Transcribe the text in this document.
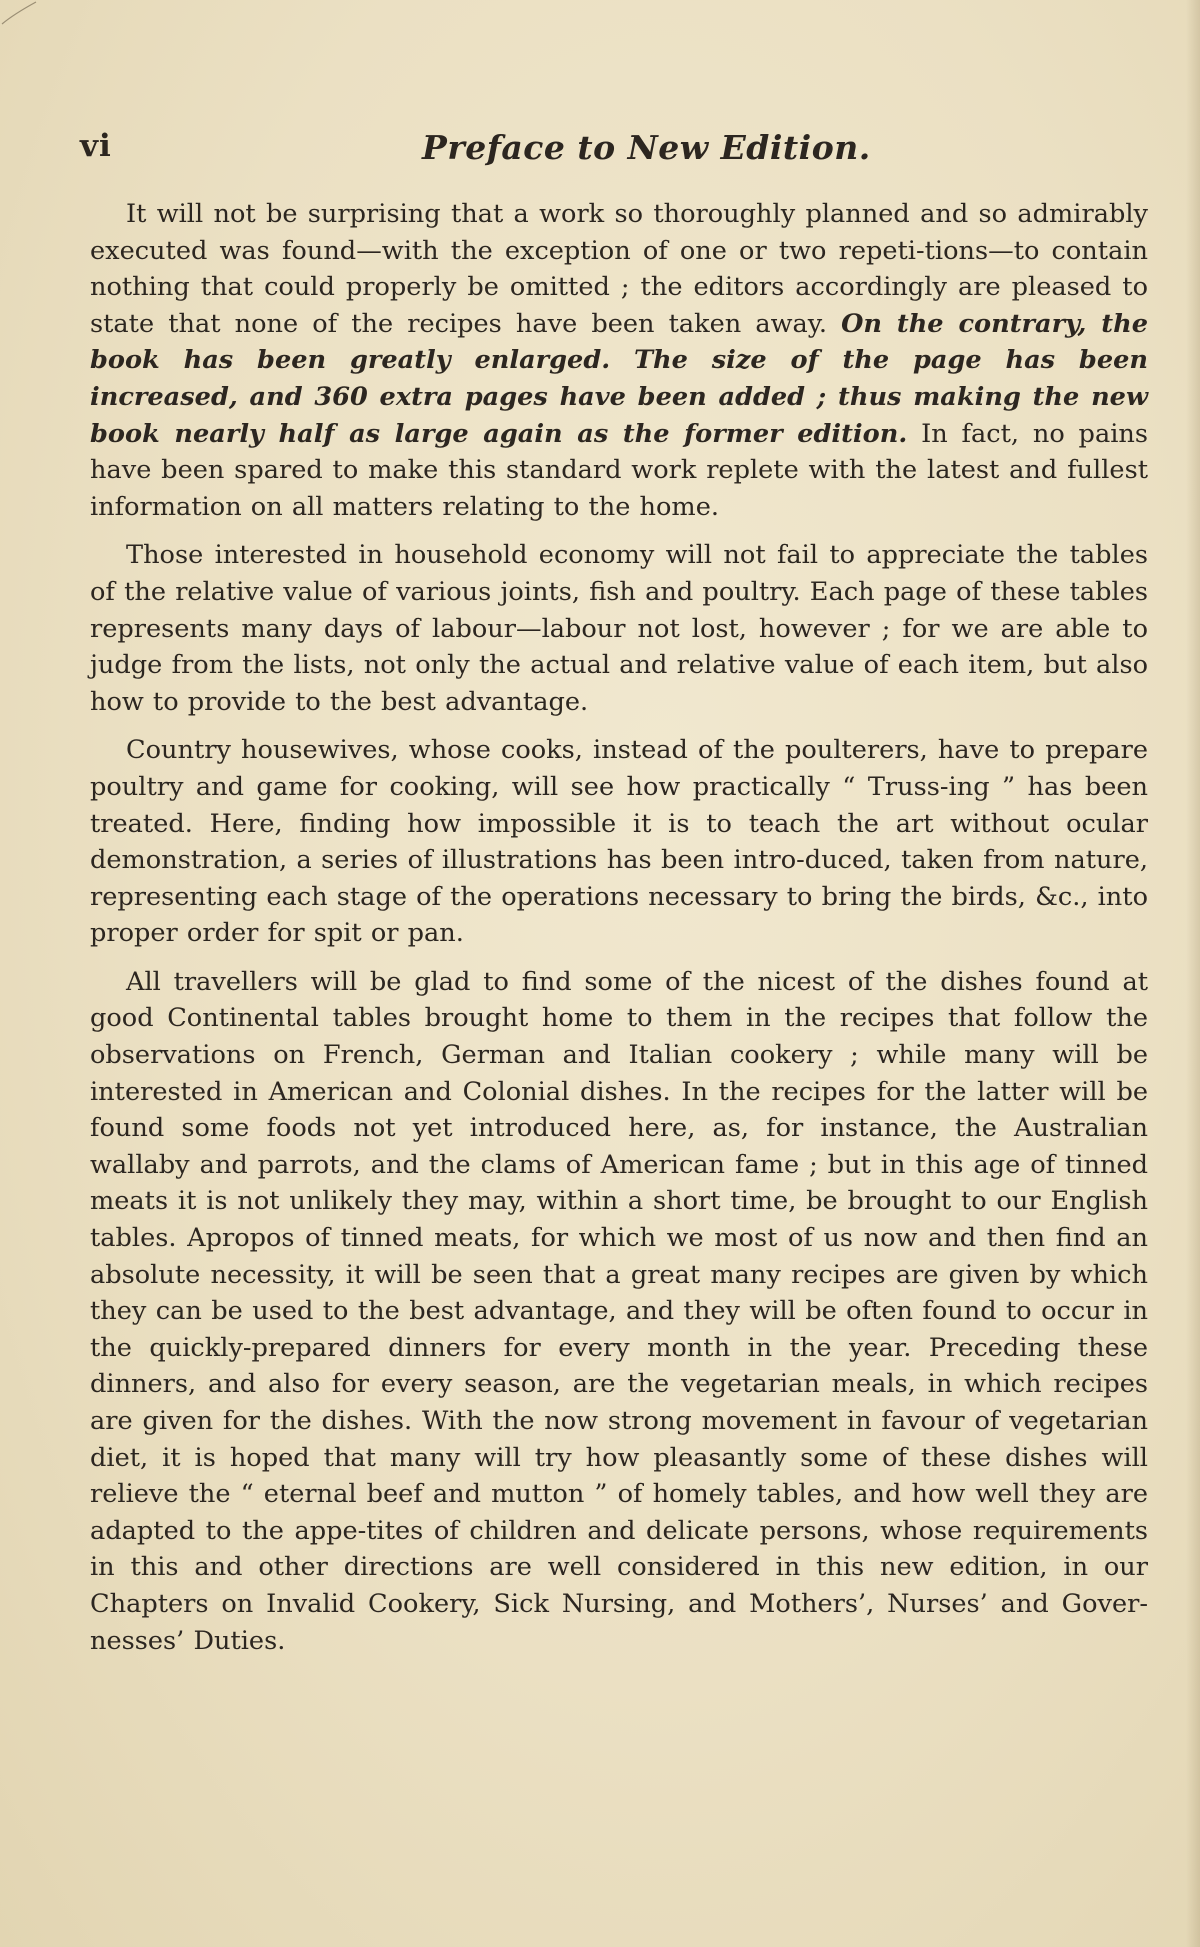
vi	Preface to New Edition.

It will not be surprising that a work so thoroughly planned and so admirably executed was found—with the exception of one or two repeti-tions—to contain nothing that could properly be omitted ; the editors accordingly are pleased to state that none of the recipes have been taken away. On the contrary, the book has been greatly enlarged. The size of the page has been increased, and 360 extra pages have been added ; thus making the new book nearly half as large again as the former edition. In fact, no pains have been spared to make this standard work replete with the latest and fullest information on all matters relating to the home.

Those interested in household economy will not fail to appreciate the tables of the relative value of various joints, fish and poultry. Each page of these tables represents many days of labour—labour not lost, however ; for we are able to judge from the lists, not only the actual and relative value of each item, but also how to provide to the best advantage.

Country housewives, whose cooks, instead of the poulterers, have to prepare poultry and game for cooking, will see how practically “ Truss-ing ” has been treated. Here, finding how impossible it is to teach the art without ocular demonstration, a series of illustrations has been intro-duced, taken from nature, representing each stage of the operations necessary to bring the birds, &c., into proper order for spit or pan.

All travellers will be glad to find some of the nicest of the dishes found at good Continental tables brought home to them in the recipes that follow the observations on French, German and Italian cookery ; while many will be interested in American and Colonial dishes. In the recipes for the latter will be found some foods not yet introduced here, as, for instance, the Australian wallaby and parrots, and the clams of American fame ; but in this age of tinned meats it is not unlikely they may, within a short time, be brought to our English tables. Apropos of tinned meats, for which we most of us now and then find an absolute necessity, it will be seen that a great many recipes are given by which they can be used to the best advantage, and they will be often found to occur in the quickly-prepared dinners for every month in the year. Preceding these dinners, and also for every season, are the vegetarian meals, in which recipes are given for the dishes. With the now strong movement in favour of vegetarian diet, it is hoped that many will try how pleasantly some of these dishes will relieve the “ eternal beef and mutton ” of homely tables, and how well they are adapted to the appe-tites of children and delicate persons, whose requirements in this and other directions are well considered in this new edition, in our Chapters on Invalid Cookery, Sick Nursing, and Mothers’, Nurses’ and Gover-nesses’ Duties.
